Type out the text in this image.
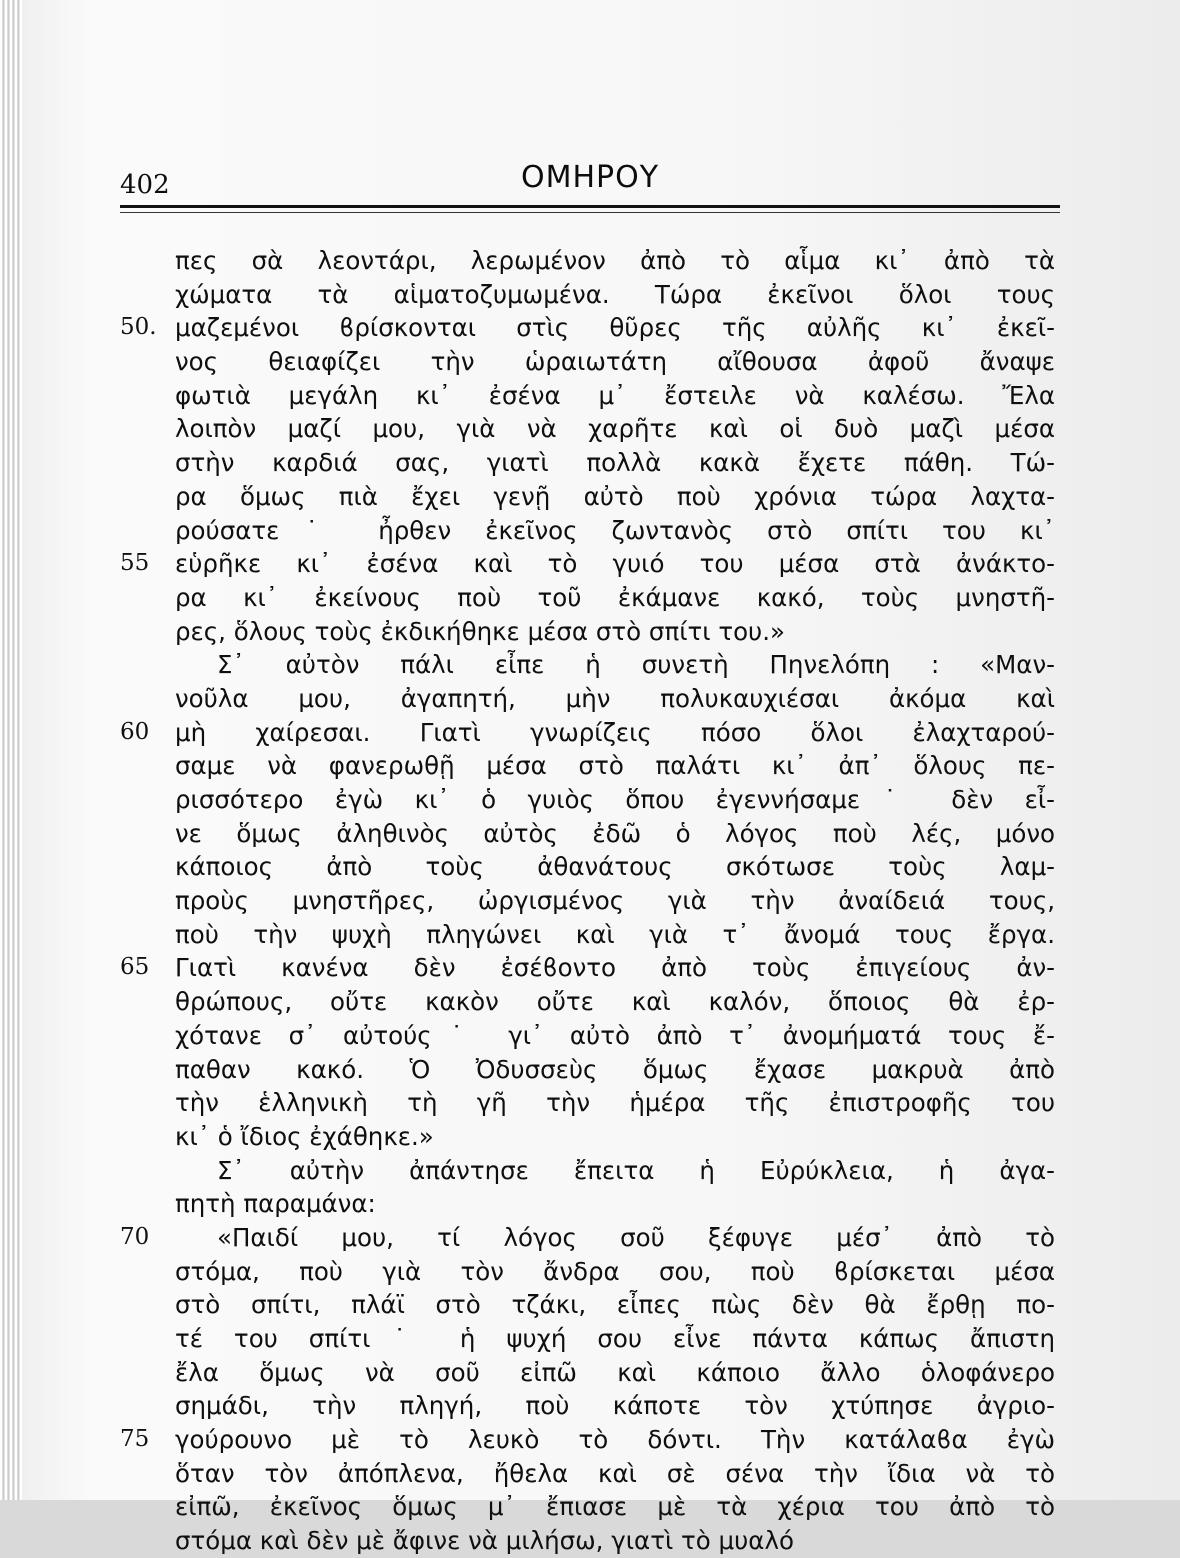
402	ΟΜΗΡΟΥ
πες σὰ λεοντάρι, λερωμένον ἀπὸ τὸ αἷμα κι᾿ ἀπὸ τὰ
χώματα τὰ αἱματοζυμωμένα. Τώρα ἐκεῖνοι ὅλοι τους
50. μαζεμένοι ϐρίσκονται στὶς θῦρες τῆς αὐλῆς κι᾿ ἐκεῖ-
νος θειαφίζει τὴν ὡραιωτάτη αἴθουσα ἀφοῦ ἄναψε
φωτιὰ μεγάλη κι᾿ ἐσένα μ᾿ ἔστειλε νὰ καλέσω. Ἔλα
λοιπὸν μαζί μου, γιὰ νὰ χαρῆτε καὶ οἱ δυὸ μαζὶ μέσα
στὴν καρδιά σας, γιατὶ πολλὰ κακὰ ἔχετε πάθη. Τώ-
ρα ὅμως πιὰ ἔχει γενῇ αὐτὸ ποὺ χρόνια τώρα λαχτα-
ρούσατε˙ ἦρθεν ἐκεῖνος ζωντανὸς στὸ σπίτι του κι᾿
55	εὑρῆκε κι᾿ ἐσένα καὶ τὸ γυιό του μέσα στὰ ἀνάκτο-
ρα κι᾿ ἐκείνους ποὺ τοῦ ἐκάμανε κακό, τοὺς μνηστῆ-
ρες, ὅλους τοὺς ἐκδικήθηκε μέσα στὸ σπίτι του.»
Σ᾿ αὐτὸν πάλι εἶπε ἡ συνετὴ Πηνελόπη : «Μαν-
νοῦλα μου, ἀγαπητή, μὴν πολυκαυχιέσαι ἀκόμα καὶ
60	μὴ χαίρεσαι. Γιατὶ γνωρίζεις πόσο ὅλοι ἐλαχταρού-
σαμε νὰ φανερωθῇ μέσα στὸ παλάτι κι᾿ ἀπ᾿ ὅλους πε-
ρισσότερο ἐγὼ κι᾿ ὁ γυιὸς ὅπου ἐγεννήσαμε˙ δὲν εἶ-
νε ὅμως ἀληθινὸς αὐτὸς ἐδῶ ὁ λόγος ποὺ λές, μόνο
κάποιος ἀπὸ τοὺς ἀθανάτους σκότωσε τοὺς λαμ-
προὺς μνηστῆρες, ὠργισμένος γιὰ τὴν ἀναίδειά τους,
ποὺ τὴν ψυχὴ πληγώνει καὶ γιὰ τ᾿ ἄνομά τους ἔργα.
65	Γιατὶ κανένα δὲν ἐσέϐοντο ἀπὸ τοὺς ἐπιγείους ἀν-
θρώπους, οὔτε κακὸν οὔτε καὶ καλόν, ὅποιος θὰ ἐρ-
χότανε σ᾿ αὐτούς˙ γι᾿ αὐτὸ ἀπὸ τ᾿ ἀνομήματά τους ἔ-
παθαν κακό. Ὁ Ὀδυσσεὺς ὅμως ἔχασε μακρυὰ ἀπὸ
τὴν ἑλληνικὴ τὴ γῆ τὴν ἡμέρα τῆς ἐπιστροφῆς του
κι᾿ ὁ ἴδιος ἐχάθηκε.»
Σ᾿ αὐτὴν ἀπάντησε ἔπειτα ἡ Εὐρύκλεια, ἡ ἀγα-
πητὴ παραμάνα:
70	«Παιδί μου, τί λόγος σοῦ ξέφυγε μέσ᾿ ἀπὸ τὸ
στόμα, ποὺ γιὰ τὸν ἄνδρα σου, ποὺ ϐρίσκεται μέσα
στὸ σπίτι, πλάϊ στὸ τζάκι, εἶπες πὼς δὲν θὰ ἔρθῃ πο-
τέ του σπίτι˙ ἡ ψυχή σου εἶνε πάντα κάπως ἄπιστη
ἔλα ὅμως νὰ σοῦ εἰπῶ καὶ κάποιο ἄλλο ὁλοφάνερο
σημάδι, τὴν πληγή, ποὺ κάποτε τὸν χτύπησε ἀγριο-
75	γούρουνο μὲ τὸ λευκὸ τὸ δόντι. Τὴν κατάλαϐα ἐγὼ
ὅταν τὸν ἀπόπλενα, ἤθελα καὶ σὲ σένα τὴν ἴδια νὰ τὸ
εἰπῶ, ἐκεῖνος ὅμως μ᾿ ἔπιασε μὲ τὰ χέρια του ἀπὸ τὸ
στόμα καὶ δὲν μὲ ἄφινε νὰ μιλήσω, γιατὶ τὸ μυαλό
